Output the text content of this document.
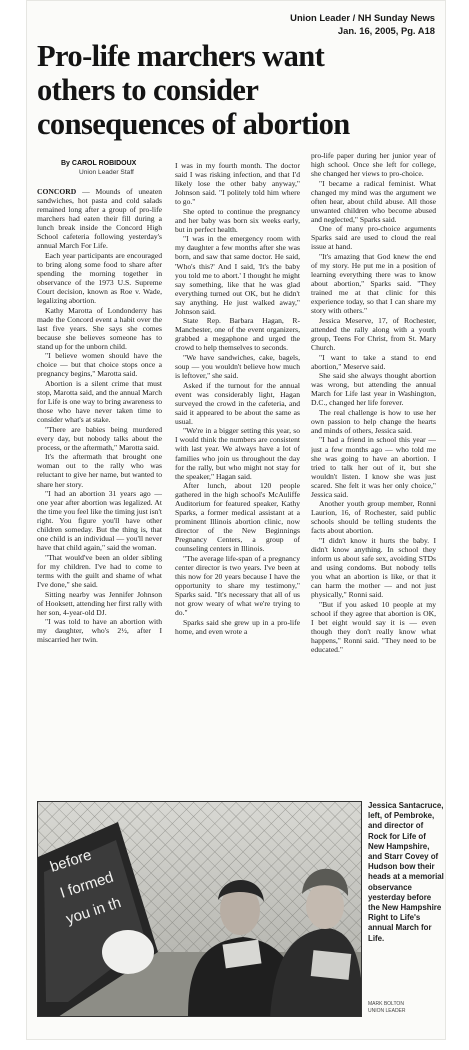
Union Leader / NH Sunday News
Jan. 16, 2005, Pg. A18
Pro-life marchers want
others to consider
consequences of abortion
By CAROL ROBIDOUX
Union Leader Staff

CONCORD — Mounds of uneaten sandwiches, hot pasta and cold salads remained long after a group of pro-life marchers had eaten their fill during a lunch break inside the Concord High School cafeteria following yesterday's annual March For Life.

Each year participants are encouraged to bring along some food to share after spending the morning together in observance of the 1973 U.S. Supreme Court decision, known as Roe v. Wade, legalizing abortion.

Kathy Marotta of Londonderry has made the Concord event a habit over the last five years. She says she comes because she believes someone has to stand up for the unborn child.

"I believe women should have the choice — but that choice stops once a pregnancy begins," Marotta said.

Abortion is a silent crime that must stop, Marotta said, and the annual March for Life is one way to bring awareness to those who have never taken time to consider what's at stake.

"There are babies being murdered every day, but nobody talks about the process, or the aftermath," Marotta said.

It's the aftermath that brought one woman out to the rally who was reluctant to give her name, but wanted to share her story.

"I had an abortion 31 years ago — one year after abortion was legalized. At the time you feel like the timing just isn't right. You figure you'll have other children someday. But the thing is, that one child is an individual — you'll never have that child again," said the woman.

"That would've been an older sibling for my children. I've had to come to terms with the guilt and shame of what I've done," she said.

Sitting nearby was Jennifer Johnson of Hooksett, attending her first rally with her son, 4-year-old DJ.

"I was told to have an abortion with my daughter, who's 2½, after I miscarried her twin.

I was in my fourth month. The doctor said I was risking infection, and that I'd likely lose the other baby anyway," Johnson said. "I politely told him where to go."

She opted to continue the pregnancy and her baby was born six weeks early, but in perfect health.

"I was in the emergency room with my daughter a few months after she was born, and saw that same doctor. He said, 'Who's this?' And I said, 'It's the baby you told me to abort.' I thought he might say something, like that he was glad everything turned out OK, but he didn't say anything. He just walked away," Johnson said.

State Rep. Barbara Hagan, R-Manchester, one of the event organizers, grabbed a megaphone and urged the crowd to help themselves to seconds.

"We have sandwiches, cake, bagels, soup — you wouldn't believe how much is leftover," she said.

Asked if the turnout for the annual event was considerably light, Hagan surveyed the crowd in the cafeteria, and said it appeared to be about the same as usual.

"We're in a bigger setting this year, so I would think the numbers are consistent with last year. We always have a lot of families who join us throughout the day for the rally, but who might not stay for the speaker," Hagan said.

After lunch, about 120 people gathered in the high school's McAuliffe Auditorium for featured speaker, Kathy Sparks, a former medical assistant at a prominent Illinois abortion clinic, now director of the New Beginnings Pregnancy Centers, a group of counseling centers in Illinois.

"The average life-span of a pregnancy center director is two years. I've been at this now for 20 years because I have the opportunity to share my testimony," Sparks said. "It's necessary that all of us not grow weary of what we're trying to do."

Sparks said she grew up in a pro-life home, and even wrote a

pro-life paper during her junior year of high school. Once she left for college, she changed her views to pro-choice.

"I became a radical feminist. What changed my mind was the argument we often hear, about child abuse. All those unwanted children who become abused and neglected," Sparks said.

One of many pro-choice arguments Sparks said are used to cloud the real issue at hand.

"It's amazing that God knew the end of my story. He put me in a position of learning everything there was to know about abortion," Sparks said. "They trained me at that clinic for this experience today, so that I can share my story with others."

Jessica Meserve, 17, of Rochester, attended the rally along with a youth group, Teens For Christ, from St. Mary Church.

"I want to take a stand to end abortion," Meserve said.

She said she always thought abortion was wrong, but attending the annual March for Life last year in Washington, D.C., changed her life forever.

The real challenge is how to use her own passion to help change the hearts and minds of others, Jessica said.

"I had a friend in school this year — just a few months ago — who told me she was going to have an abortion. I tried to talk her out of it, but she wouldn't listen. I know she was just scared. She felt it was her only choice," Jessica said.

Another youth group member, Ronni Laurion, 16, of Rochester, said public schools should be telling students the facts about abortion.

"I didn't know it hurts the baby. I didn't know anything. In school they inform us about safe sex, avoiding STDs and using condoms. But nobody tells you what an abortion is like, or that it can harm the mother — and not just physically," Ronni said.

"But if you asked 10 people at my school if they agree that abortion is OK, I bet eight would say it is — even though they don't really know what happens," Ronni said. "They need to be educated."

before
I formed
you in th
Jessica Santacruce, left, of Pembroke, and director of Rock for Life of New Hampshire, and Starr Covey of Hudson bow their heads at a memorial observance yesterday before the New Hampshire Right to Life's annual March for Life.
MARK BOLTON
UNION LEADER
